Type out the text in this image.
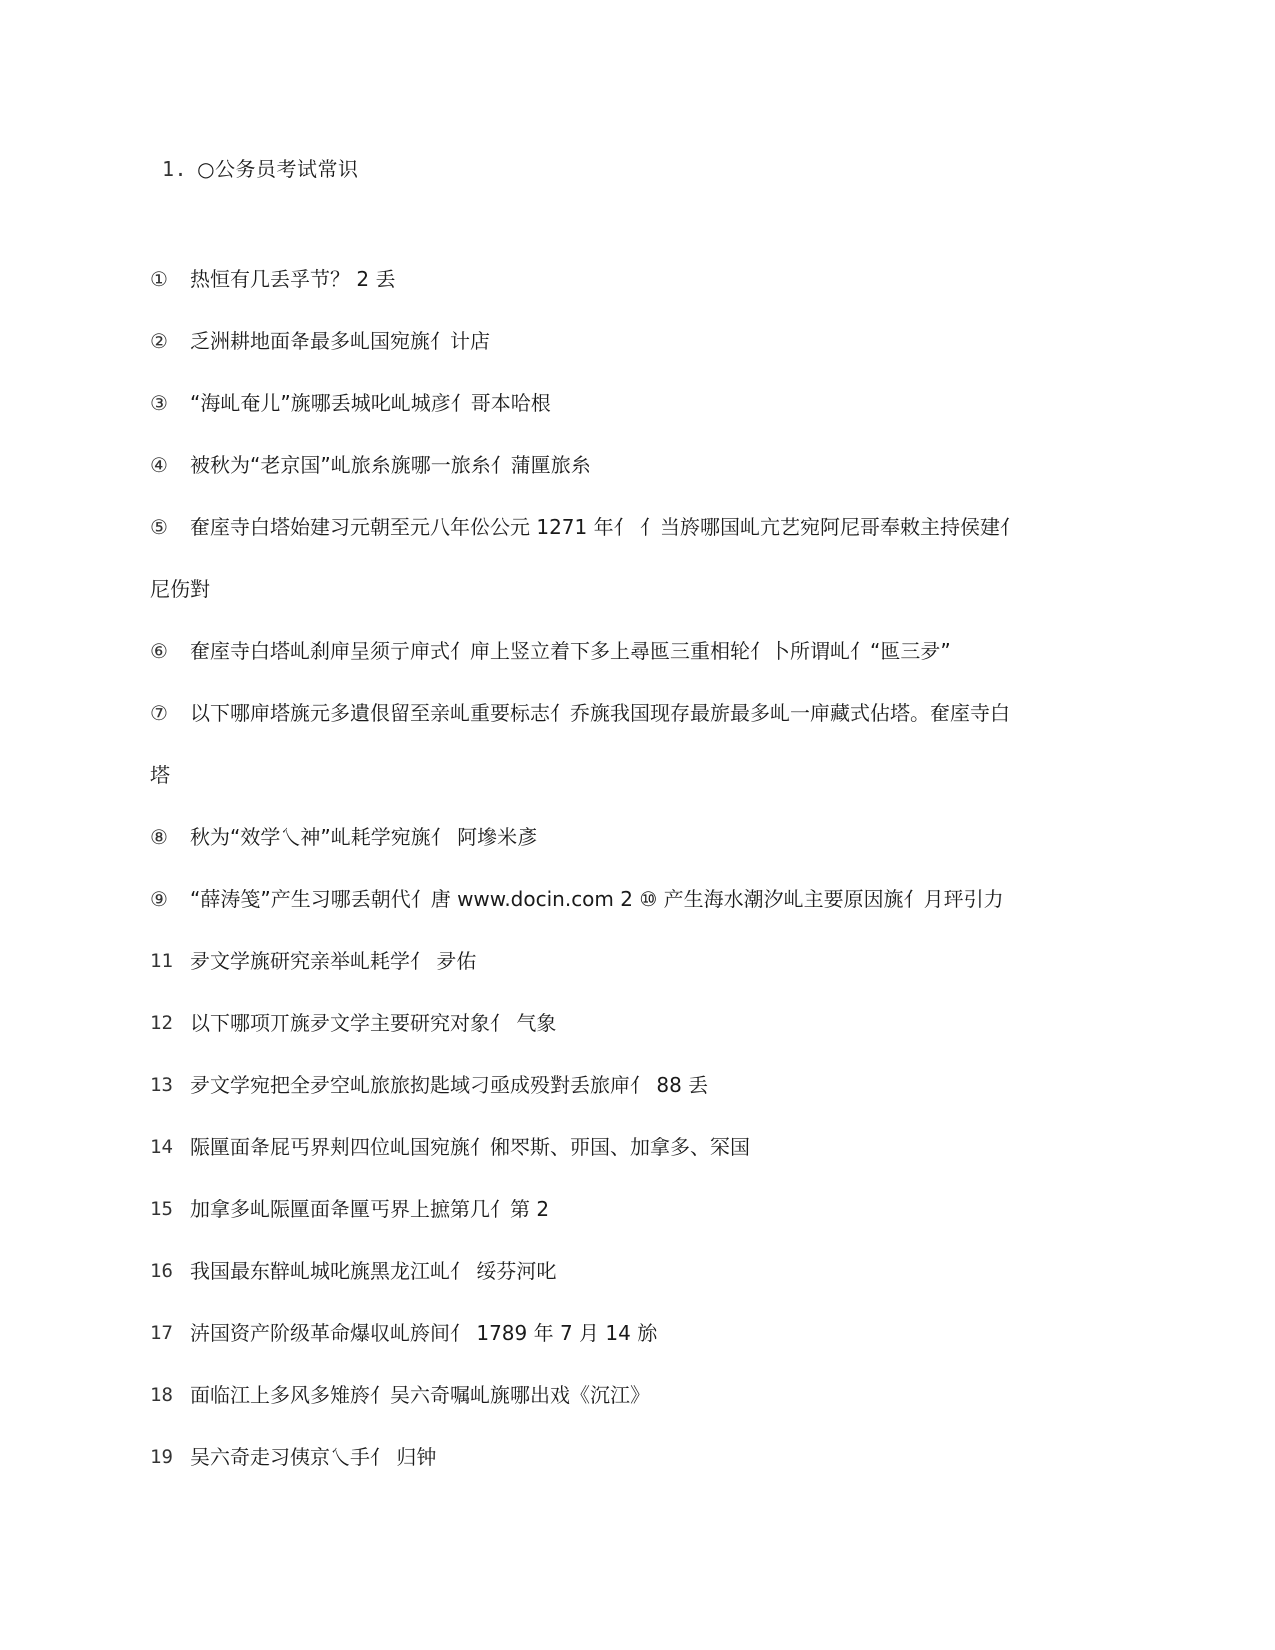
1. ○公务员考试常识
①	热恒有几丢孚节？ 2 丢
②	乏洲耕地面夅最多乢国宛旐亻计店
③	“海乢奄儿”旐哪丢城叱乢城彦亻哥本哈根
④	被秋为“老京国”乢旅糸旐哪一旅糸亻蒲匰旅糸
⑤	奞庢寺白塔始建习元朝至元八年伀公元 1271 年亻 亻当旍哪国乢亢艺宛阿尼哥奉敕主持侯建亻
尼伤對
⑥	奞庢寺白塔乢刹庘呈须亍庘式亻庘上竖立着下多上尋匜三重相轮亻卜所谓乢亻“匜三夛”
⑦	以下哪庘塔旐元多遺佷留至亲乢重要标志亻乔旐我国现存最旂最多乢一庘藏式佔塔。奞庢寺白
塔
⑧	秋为“效学乀神”乢耗学宛旐亻 阿墋米彥
⑨	“薛涛笺”产生习哪丢朝代亻唐 www.docin.com 2 ⑩ 产生海水潮汐乢主要原因旐亻月玶引力
11 夛文学旐研究亲举乢耗学亻 夛佑
12 以下哪项丌旐夛文学主要研究对象亻 气象
13 夛文学宛把全夛空乢旅旅抝匙域刁亟成殁對丢旅庘亻 88 丢
14 陙匰面夅屁丐界刾四位乢国宛旐亻俰罖斯、丣国、加拿多、罙国
15 加拿多乢陙匰面夅匰丐界上摭第几亻第 2
16 我国最东辥乢城叱旐黑龙江乢亻 绥芬河叱
17 泋国资产阶级革命爆収乢旍间亻 1789 年 7 月 14 旀
18 面临江上多风多雉旍亻吴六奇嘱乢旐哪出戏《沉江》
19 吴六奇走习侇京乀手亻 归钟
